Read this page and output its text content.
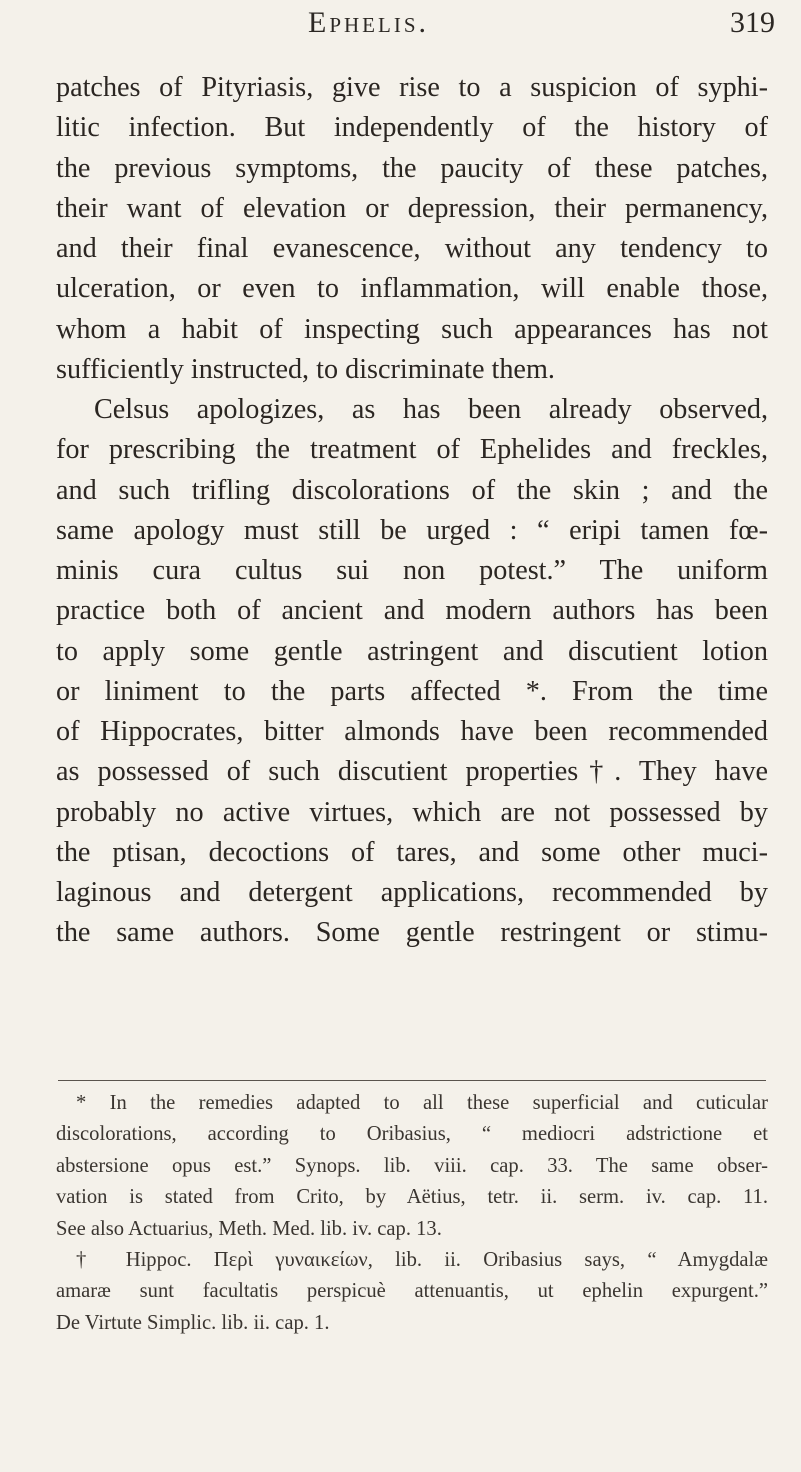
Ephelis.	319
patches of Pityriasis, give rise to a suspicion of syphi-
litic infection. But independently of the history of
the previous symptoms, the paucity of these patches,
their want of elevation or depression, their permanency,
and their final evanescence, without any tendency to
ulceration, or even to inflammation, will enable those,
whom a habit of inspecting such appearances has not
sufficiently instructed, to discriminate them.
Celsus apologizes, as has been already observed,
for prescribing the treatment of Ephelides and freckles,
and such trifling discolorations of the skin ; and the
same apology must still be urged : “ eripi tamen fœ-
minis cura cultus sui non potest.” The uniform
practice both of ancient and modern authors has been
to apply some gentle astringent and discutient lotion
or liniment to the parts affected *. From the time
of Hippocrates, bitter almonds have been recommended
as possessed of such discutient properties†. They have
probably no active virtues, which are not possessed by
the ptisan, decoctions of tares, and some other muci-
laginous and detergent applications, recommended by
the same authors. Some gentle restringent or stimu-
* In the remedies adapted to all these superficial and cuticular
discolorations, according to Oribasius, “ mediocri adstrictione et
abstersione opus est.” Synops. lib. viii. cap. 33. The same obser-
vation is stated from Crito, by Aëtius, tetr. ii. serm. iv. cap. 11.
See also Actuarius, Meth. Med. lib. iv. cap. 13.
† Hippoc. Περὶ γυναικείων, lib. ii. Oribasius says, “ Amygdalæ
amaræ sunt facultatis perspicuè attenuantis, ut ephelin expurgent.”
De Virtute Simplic. lib. ii. cap. 1.
